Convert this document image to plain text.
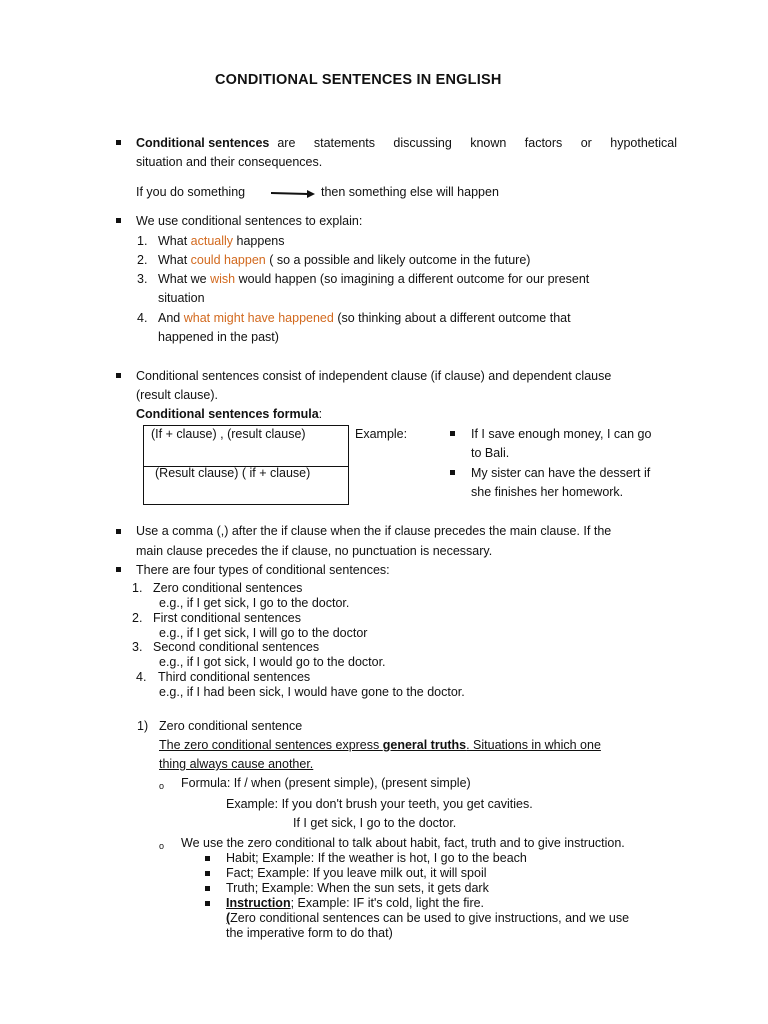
CONDITIONAL SENTENCES IN ENGLISH
Conditional sentences are statements discussing known factors or hypothetical
situation and their consequences.
If you do something	then something else will happen
We use conditional sentences to explain:
1. What actually happens
2. What could happen ( so a possible and likely outcome in the future)
3. What we wish would happen (so imagining a different outcome for our present
situation
4. And what might have happened (so thinking about a different outcome that
happened in the past)
Conditional sentences consist of independent clause (if clause) and dependent clause
(result clause).
Conditional sentences formula:
(If + clause) , (result clause)
(Result clause) ( if + clause)
Example:	If I save enough money, I can go
to Bali.
My sister can have the dessert if
she finishes her homework.
Use a comma (,) after the if clause when the if clause precedes the main clause. If the
main clause precedes the if clause, no punctuation is necessary.
There are four types of conditional sentences:
1. Zero conditional sentences
e.g., if I get sick, I go to the doctor.
2. First conditional sentences
e.g., if I get sick, I will go to the doctor
3. Second conditional sentences
e.g., if I got sick, I would go to the doctor.
4. Third conditional sentences
e.g., if I had been sick, I would have gone to the doctor.
1) Zero conditional sentence
The zero conditional sentences express general truths. Situations in which one
thing always cause another.
o Formula: If / when (present simple), (present simple)
Example: If you don't brush your teeth, you get cavities.
If I get sick, I go to the doctor.
o We use the zero conditional to talk about habit, fact, truth and to give instruction.
Habit; Example: If the weather is hot, I go to the beach
Fact; Example: If you leave milk out, it will spoil
Truth; Example: When the sun sets, it gets dark
Instruction; Example: IF it's cold, light the fire.
(Zero conditional sentences can be used to give instructions, and we use
the imperative form to do that)
